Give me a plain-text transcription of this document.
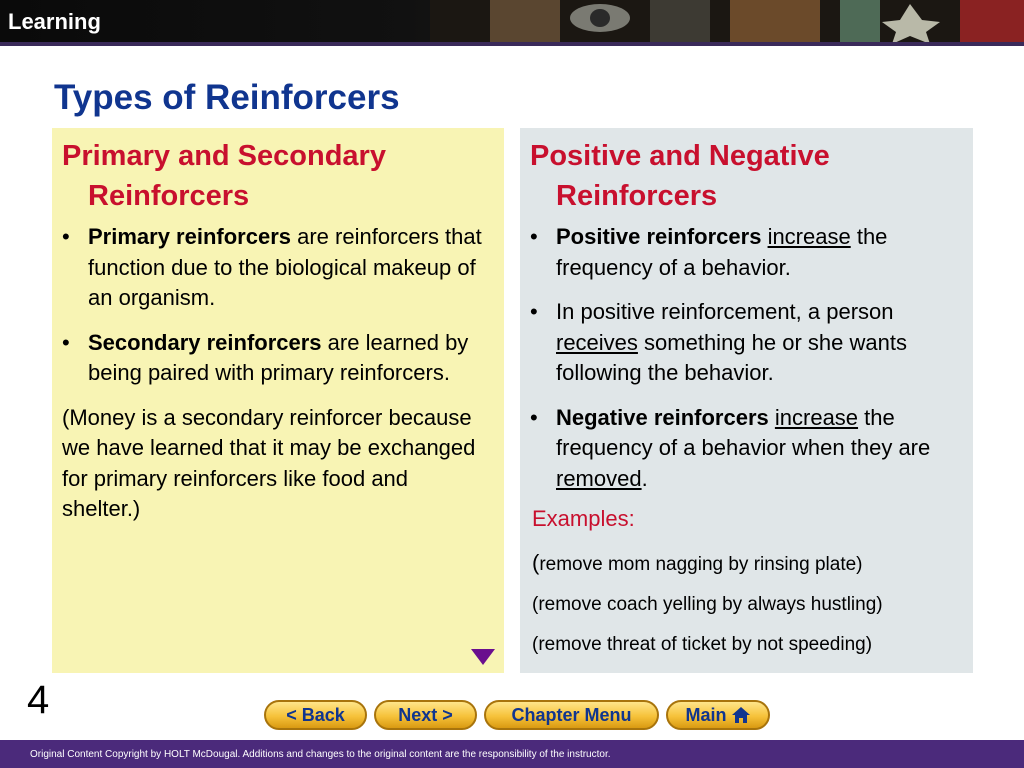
Learning
Types of Reinforcers
Primary and Secondary
Reinforcers
• Primary reinforcers are reinforcers that function due to the biological makeup of an organism.
• Secondary reinforcers are learned by being paired with primary reinforcers.

(Money is a secondary reinforcer because we have learned that it may be exchanged for primary reinforcers like food and shelter.)

Positive and Negative
Reinforcers
• Positive reinforcers increase the frequency of a behavior.
• In positive reinforcement, a person receives something he or she wants following the behavior.
• Negative reinforcers increase the frequency of a behavior when they are removed.
Examples:
(remove mom nagging by rinsing plate)
(remove coach yelling by always hustling)
(remove threat of ticket by not speeding)
4	< Back	Next >	Chapter Menu	Main
Original Content Copyright by HOLT McDougal. Additions and changes to the original content are the responsibility of the instructor.
